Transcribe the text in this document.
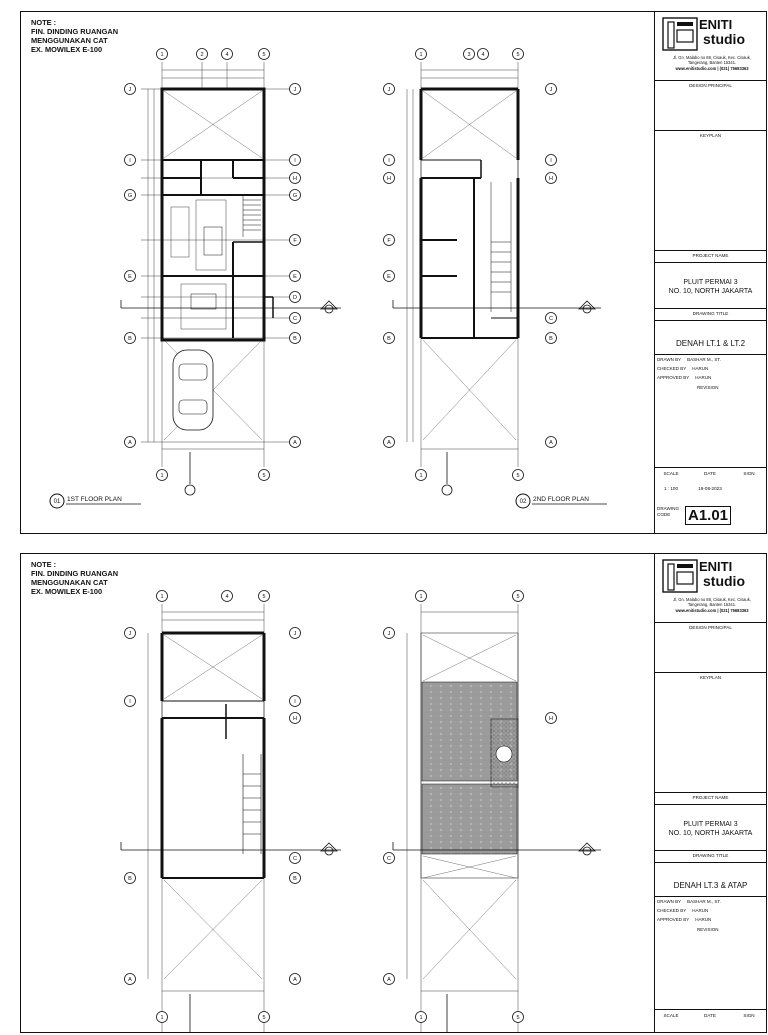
NOTE :
FIN. DINDING RUANGAN
MENGGUNAKAN CAT
EX. MOWILEX E-100
1	2	4	5
1	5
J	J
I	I
H
G	G
F
E	E
D
C
B	B
A	A
01 1ST FLOOR PLAN
1	3 4	5
1	5
J	J
I	I
H	H
F
E
C
B	B
A	A
02 2ND FLOOR PLAN
ENITI
studio
Jl. Gn. Malabo no 88, Cisauk, Kec. Cisauk,
Tangerang, Banten 15341.
www.enitistudio.com | (021) 75683363
DESIGN PRINCIPAL
KEYPLAN
PROJECT NAME
PLUIT PERMAI 3
NO. 10, NORTH JAKARTA
DRAWING TITLE
DENAH LT.1 & LT.2
DRAWN BY BASHAR M., ST.
CHECKED BY HARUN
APPROVED BY HARUN
REVISION
SCALE	DATE	SIGN
1 : 100	19-08-2023
DRAWING CODE	A1.01
NOTE :
FIN. DINDING RUANGAN
MENGGUNAKAN CAT
EX. MOWILEX E-100
1	4	5
J	J
I	I
H
C
B	B
A	A
1	5
1	5
J
H
C
A
1	5
ENITI
studio
Jl. Gn. Malabo no 88, Cisauk, Kec. Cisauk,
Tangerang, Banten 15341.
www.enitistudio.com | (021) 75683363
DESIGN PRINCIPAL
KEYPLAN
PROJECT NAME
PLUIT PERMAI 3
NO. 10, NORTH JAKARTA
DRAWING TITLE
DENAH LT.3 & ATAP
DRAWN BY BASHAR M., ST.
CHECKED BY HARUN
APPROVED BY HARUN
REVISION
SCALE	DATE	SIGN
